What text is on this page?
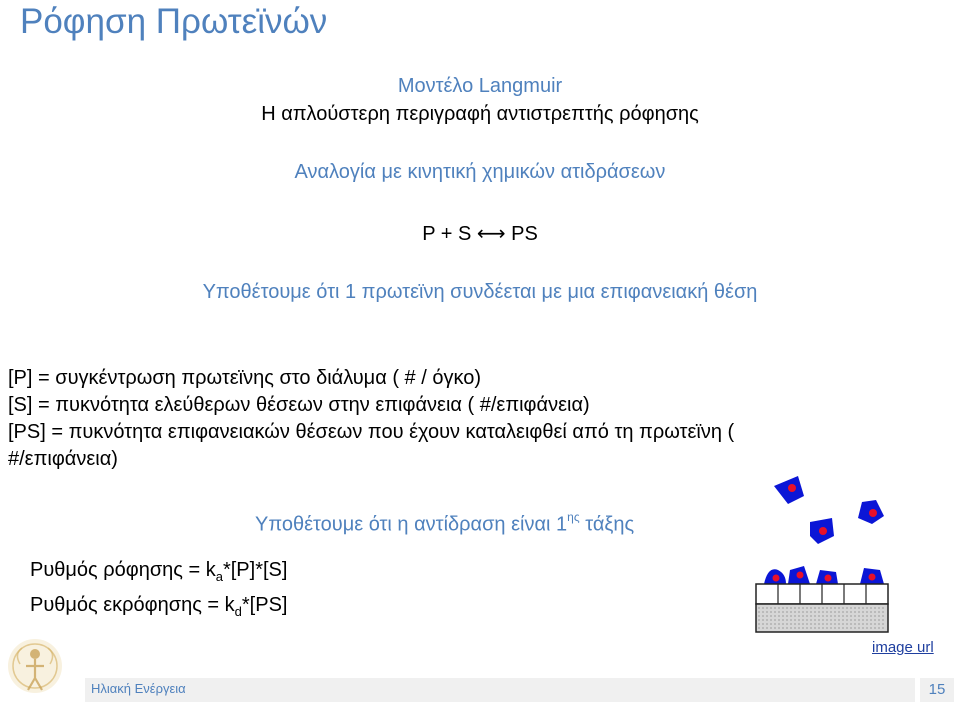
Ρόφηση Πρωτεϊνών
Μοντέλο Langmuir
Η απλούστερη περιγραφή αντιστρεπτής ρόφησης
Αναλογία με κινητική χημικών ατιδράσεων
P + S ⟷ PS
Υποθέτουμε ότι 1 πρωτεϊνη συνδέεται με μια επιφανειακή θέση
[P] = συγκέντρωση πρωτεϊνης στο διάλυμα ( # / όγκο)
[S] = πυκνότητα ελεύθερων θέσεων στην επιφάνεια ( #/επιφάνεια)
[PS] = πυκνότητα επιφανειακών θέσεων που έχουν καταλειφθεί από τη πρωτεϊνη (
#/επιφάνεια)
Υποθέτουμε ότι η αντίδραση είναι $1^{\eta\varsigma}$ τάξης
Ρυθμός $\rho ό\varphi\eta\sigma\eta\varsigma = k_a*[P]*[S]$
Ρυθμός $\varepsilon\kappa\rho ό\varphi\eta\sigma\eta\varsigma = k_d*[PS]$
image url
Ηλιακή Ενέργεια	15
